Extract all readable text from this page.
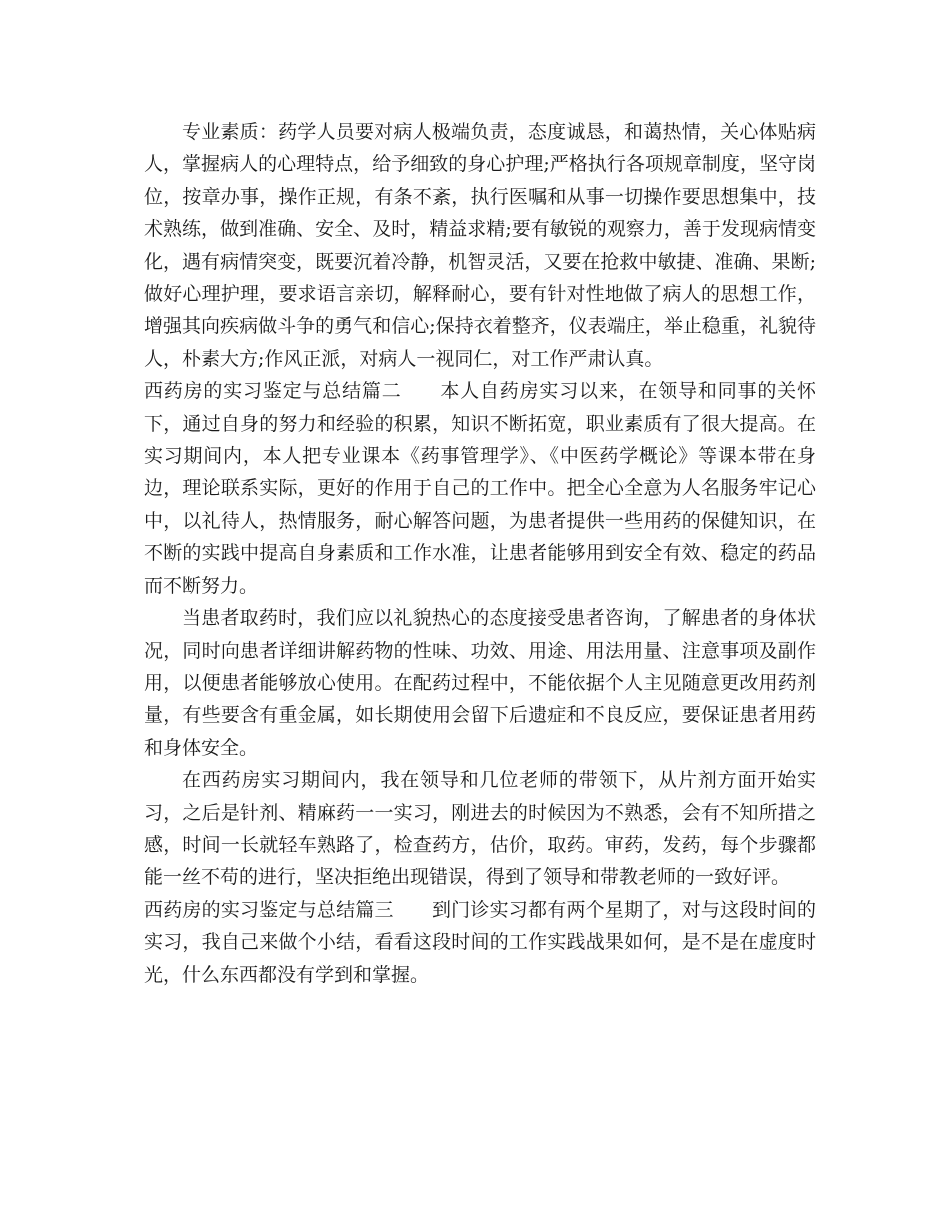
专业素质：药学人员要对病人极端负责，态度诚恳，和蔼热情，关心体贴病人，掌握病人的心理特点，给予细致的身心护理;严格执行各项规章制度，坚守岗位，按章办事，操作正规，有条不紊，执行医嘱和从事一切操作要思想集中，技术熟练，做到准确、安全、及时，精益求精;要有敏锐的观察力，善于发现病情变化，遇有病情突变，既要沉着冷静，机智灵活，又要在抢救中敏捷、准确、果断;做好心理护理，要求语言亲切，解释耐心，要有针对性地做了病人的思想工作，增强其向疾病做斗争的勇气和信心;保持衣着整齐，仪表端庄，举止稳重，礼貌待人，朴素大方;作风正派，对病人一视同仁，对工作严肃认真。

西药房的实习鉴定与总结篇二 本人自药房实习以来，在领导和同事的关怀下，通过自身的努力和经验的积累，知识不断拓宽，职业素质有了很大提高。在实习期间内，本人把专业课本《药事管理学》、《中医药学概论》等课本带在身边，理论联系实际，更好的作用于自己的工作中。把全心全意为人名服务牢记心中，以礼待人，热情服务，耐心解答问题，为患者提供一些用药的保健知识，在不断的实践中提高自身素质和工作水准，让患者能够用到安全有效、稳定的药品而不断努力。

当患者取药时，我们应以礼貌热心的态度接受患者咨询，了解患者的身体状况，同时向患者详细讲解药物的性味、功效、用途、用法用量、注意事项及副作用，以便患者能够放心使用。在配药过程中，不能依据个人主见随意更改用药剂量，有些要含有重金属，如长期使用会留下后遗症和不良反应，要保证患者用药和身体安全。

在西药房实习期间内，我在领导和几位老师的带领下，从片剂方面开始实习，之后是针剂、精麻药一一实习，刚进去的时候因为不熟悉，会有不知所措之感，时间一长就轻车熟路了，检查药方，估价，取药。审药，发药，每个步骤都能一丝不苟的进行，坚决拒绝出现错误，得到了领导和带教老师的一致好评。

西药房的实习鉴定与总结篇三 到门诊实习都有两个星期了，对与这段时间的实习，我自己来做个小结，看看这段时间的工作实践战果如何，是不是在虚度时光，什么东西都没有学到和掌握。
